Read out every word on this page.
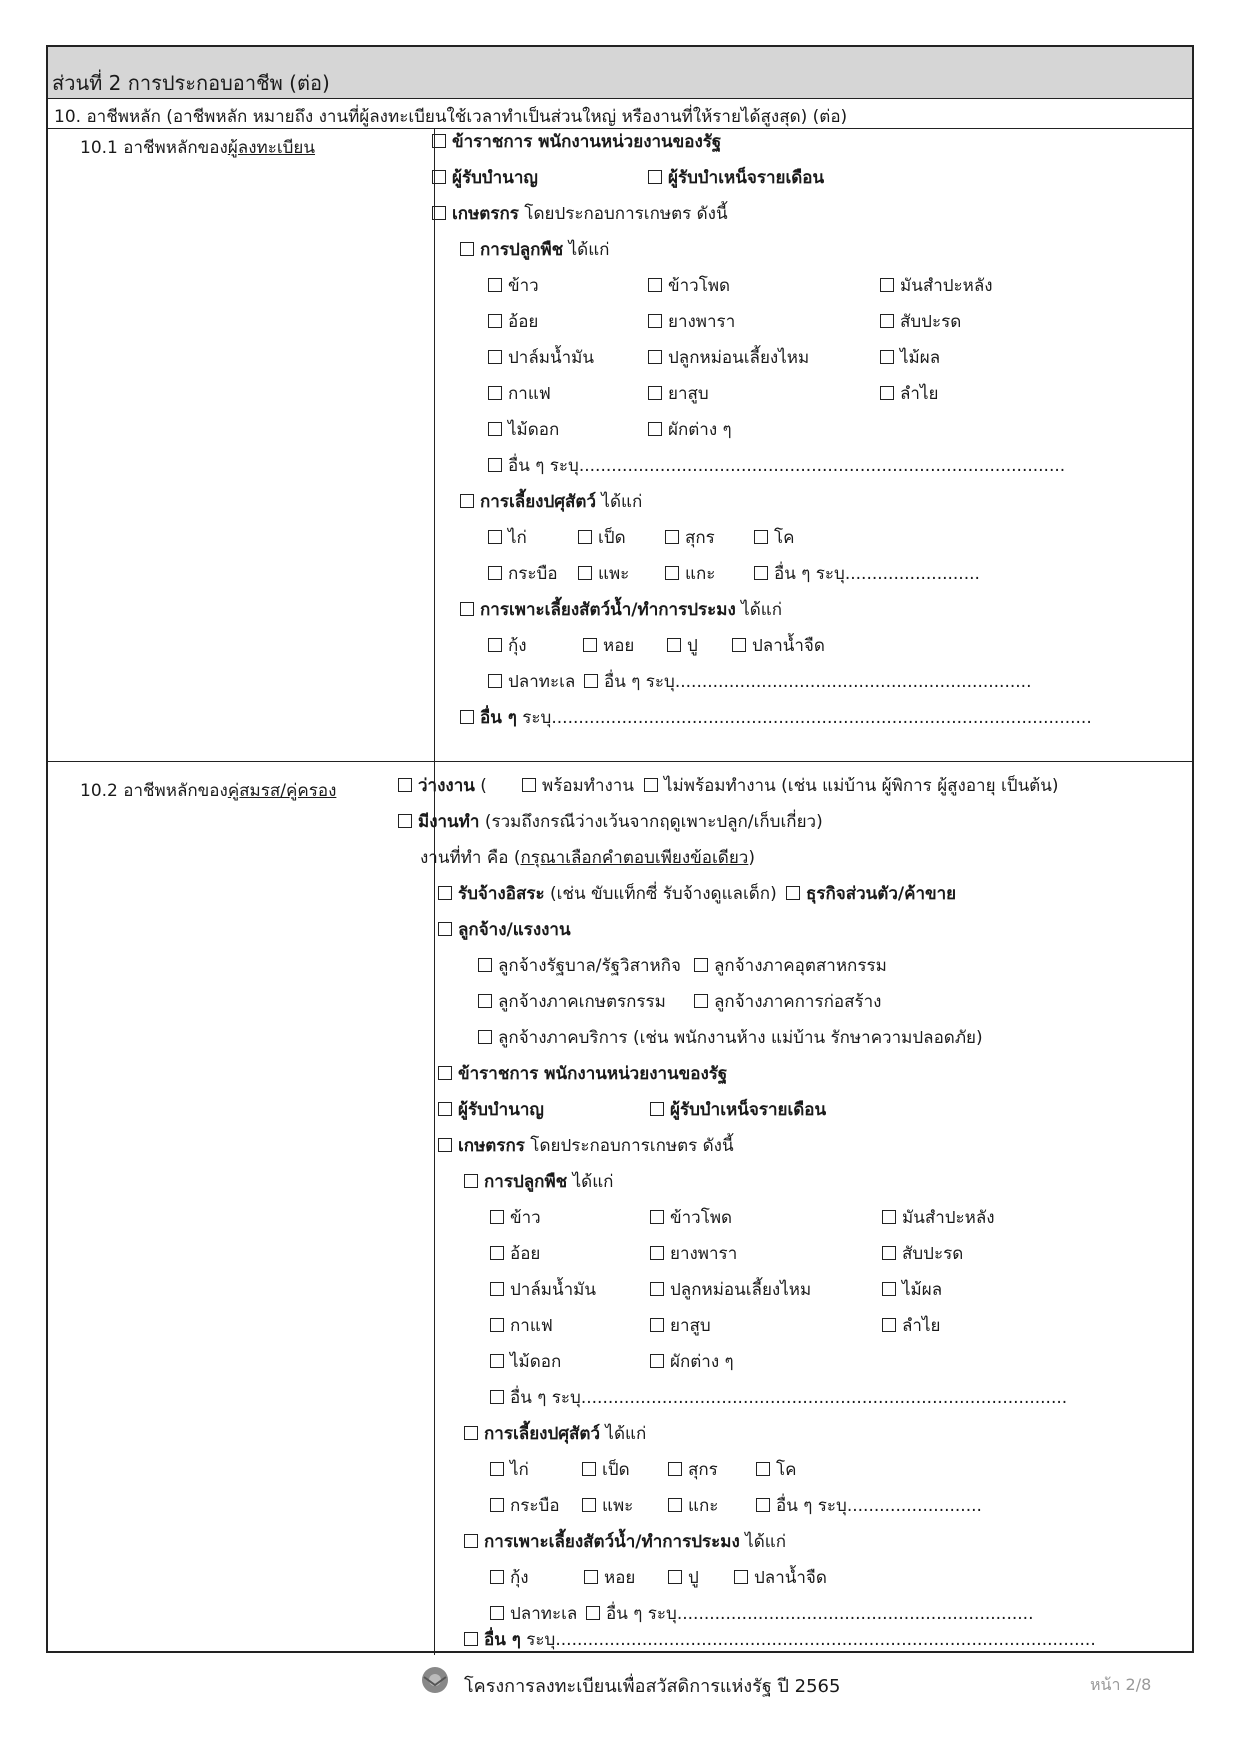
ส่วนที่ 2 การประกอบอาชีพ (ต่อ)
10. อาชีพหลัก (อาชีพหลัก หมายถึง งานที่ผู้ลงทะเบียนใช้เวลาทำเป็นส่วนใหญ่ หรืองานที่ให้รายได้สูงสุด) (ต่อ)
10.1 อาชีพหลักของผู้ลงทะเบียน	ข้าราชการ พนักงานหน่วยงานของรัฐ
ผู้รับบำนาญ	ผู้รับบำเหน็จรายเดือน
เกษตรกร โดยประกอบการเกษตร ดังนี้
การปลูกพืช ได้แก่
ข้าว	ข้าวโพด	มันสำปะหลัง
อ้อย	ยางพารา	สับปะรด
ปาล์มน้ำมัน	ปลูกหม่อนเลี้ยงไหม	ไม้ผล
กาแฟ	ยาสูบ	ลำไย
ไม้ดอก	ผักต่าง ๆ
อื่น ๆ ระบุ..........................................................................................
การเลี้ยงปศุสัตว์ ได้แก่
ไก่	เป็ด	สุกร	โค
กระบือ	แพะ	แกะ	อื่น ๆ ระบุ.........................
การเพาะเลี้ยงสัตว์น้ำ/ทำการประมง ได้แก่
กุ้ง	หอย	ปู	ปลาน้ำจืด
ปลาทะเล	อื่น ๆ ระบุ..................................................................
อื่น ๆ ระบุ....................................................................................................
10.2 อาชีพหลักของคู่สมรส/คู่ครอง	ว่างงาน (	พร้อมทำงาน	ไม่พร้อมทำงาน (เช่น แม่บ้าน ผู้พิการ ผู้สูงอายุ เป็นต้น)
มีงานทำ (รวมถึงกรณีว่างเว้นจากฤดูเพาะปลูก/เก็บเกี่ยว)
งานที่ทำ คือ (กรุณาเลือกคำตอบเพียงข้อเดียว)
รับจ้างอิสระ (เช่น ขับแท็กซี่ รับจ้างดูแลเด็ก)	ธุรกิจส่วนตัว/ค้าขาย
ลูกจ้าง/แรงงาน
ลูกจ้างรัฐบาล/รัฐวิสาหกิจ	ลูกจ้างภาคอุตสาหกรรม
ลูกจ้างภาคเกษตรกรรม	ลูกจ้างภาคการก่อสร้าง
ลูกจ้างภาคบริการ (เช่น พนักงานห้าง แม่บ้าน รักษาความปลอดภัย)
ข้าราชการ พนักงานหน่วยงานของรัฐ
ผู้รับบำนาญ	ผู้รับบำเหน็จรายเดือน
เกษตรกร โดยประกอบการเกษตร ดังนี้
การปลูกพืช ได้แก่
ข้าว	ข้าวโพด	มันสำปะหลัง
อ้อย	ยางพารา	สับปะรด
ปาล์มน้ำมัน	ปลูกหม่อนเลี้ยงไหม	ไม้ผล
กาแฟ	ยาสูบ	ลำไย
ไม้ดอก	ผักต่าง ๆ
อื่น ๆ ระบุ..........................................................................................
การเลี้ยงปศุสัตว์ ได้แก่
ไก่	เป็ด	สุกร	โค
กระบือ	แพะ	แกะ	อื่น ๆ ระบุ.........................
การเพาะเลี้ยงสัตว์น้ำ/ทำการประมง ได้แก่
กุ้ง	หอย	ปู	ปลาน้ำจืด
ปลาทะเล	อื่น ๆ ระบุ..................................................................
อื่น ๆ ระบุ....................................................................................................
โครงการลงทะเบียนเพื่อสวัสดิการแห่งรัฐ ปี 2565	หน้า 2/8
